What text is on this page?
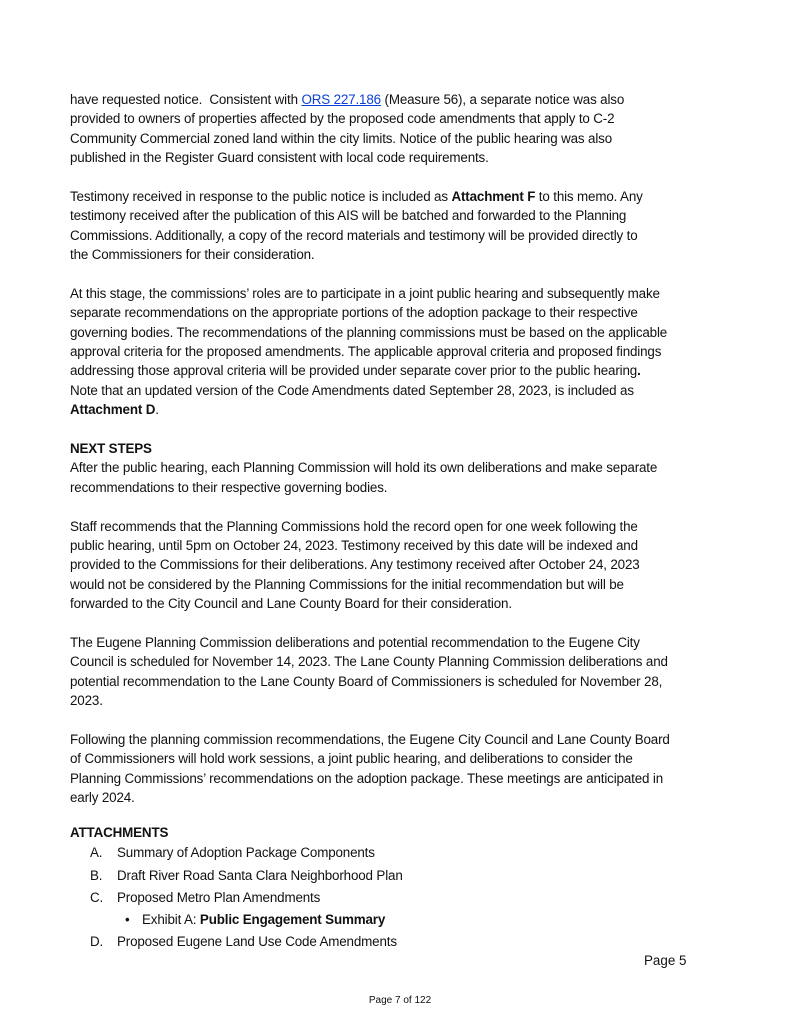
have requested notice.  Consistent with ORS 227.186 (Measure 56), a separate notice was also
provided to owners of properties affected by the proposed code amendments that apply to C-2
Community Commercial zoned land within the city limits. Notice of the public hearing was also
published in the Register Guard consistent with local code requirements.
Testimony received in response to the public notice is included as Attachment F to this memo. Any
testimony received after the publication of this AIS will be batched and forwarded to the Planning
Commissions. Additionally, a copy of the record materials and testimony will be provided directly to
the Commissioners for their consideration.
At this stage, the commissions’ roles are to participate in a joint public hearing and subsequently make
separate recommendations on the appropriate portions of the adoption package to their respective
governing bodies. The recommendations of the planning commissions must be based on the applicable
approval criteria for the proposed amendments. The applicable approval criteria and proposed findings
addressing those approval criteria will be provided under separate cover prior to the public hearing.
Note that an updated version of the Code Amendments dated September 28, 2023, is included as
Attachment D.
NEXT STEPS
After the public hearing, each Planning Commission will hold its own deliberations and make separate
recommendations to their respective governing bodies.
Staff recommends that the Planning Commissions hold the record open for one week following the
public hearing, until 5pm on October 24, 2023. Testimony received by this date will be indexed and
provided to the Commissions for their deliberations. Any testimony received after October 24, 2023
would not be considered by the Planning Commissions for the initial recommendation but will be
forwarded to the City Council and Lane County Board for their consideration.
The Eugene Planning Commission deliberations and potential recommendation to the Eugene City
Council is scheduled for November 14, 2023. The Lane County Planning Commission deliberations and
potential recommendation to the Lane County Board of Commissioners is scheduled for November 28,
2023.
Following the planning commission recommendations, the Eugene City Council and Lane County Board
of Commissioners will hold work sessions, a joint public hearing, and deliberations to consider the
Planning Commissions’ recommendations on the adoption package. These meetings are anticipated in
early 2024.
ATTACHMENTS
A. Summary of Adoption Package Components
B. Draft River Road Santa Clara Neighborhood Plan
C. Proposed Metro Plan Amendments
• Exhibit A: Public Engagement Summary
D. Proposed Eugene Land Use Code Amendments
Page 5
Page 7 of 122
